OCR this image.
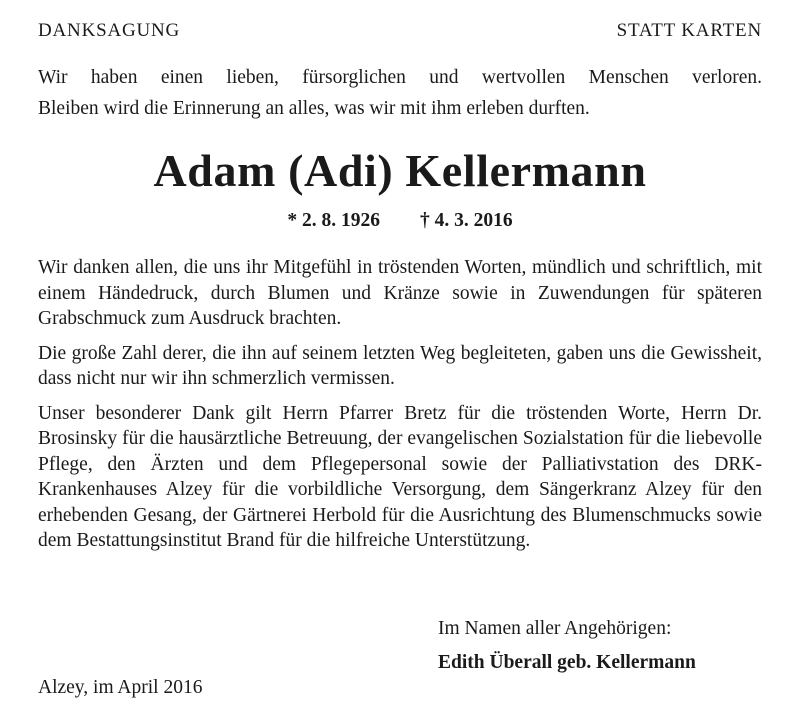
DANKSAGUNG	STATT KARTEN

Wir haben einen lieben, fürsorglichen und wertvollen Menschen verloren.

Bleiben wird die Erinnerung an alles, was wir mit ihm erleben durften.

Adam (Adi) Kellermann
* 2. 8. 1926 † 4. 3. 2016

Wir danken allen, die uns ihr Mitgefühl in tröstenden Worten, mündlich und schriftlich, mit einem Händedruck, durch Blumen und Kränze sowie in Zuwendungen für späteren Grabschmuck zum Ausdruck brachten.

Die große Zahl derer, die ihn auf seinem letzten Weg begleiteten, gaben uns die Gewissheit, dass nicht nur wir ihn schmerzlich vermissen.

Unser besonderer Dank gilt Herrn Pfarrer Bretz für die tröstenden Worte, Herrn Dr. Brosinsky für die hausärztliche Betreuung, der evangelischen Sozialstation für die liebevolle Pflege, den Ärzten und dem Pflegepersonal sowie der Palliativstation des DRK-Krankenhauses Alzey für die vorbildliche Versorgung, dem Sängerkranz Alzey für den erhebenden Gesang, der Gärtnerei Herbold für die Ausrichtung des Blumenschmucks sowie dem Bestattungsinstitut Brand für die hilfreiche Unterstützung.

Im Namen aller Angehörigen:
Edith Überall geb. Kellermann
Alzey, im April 2016
